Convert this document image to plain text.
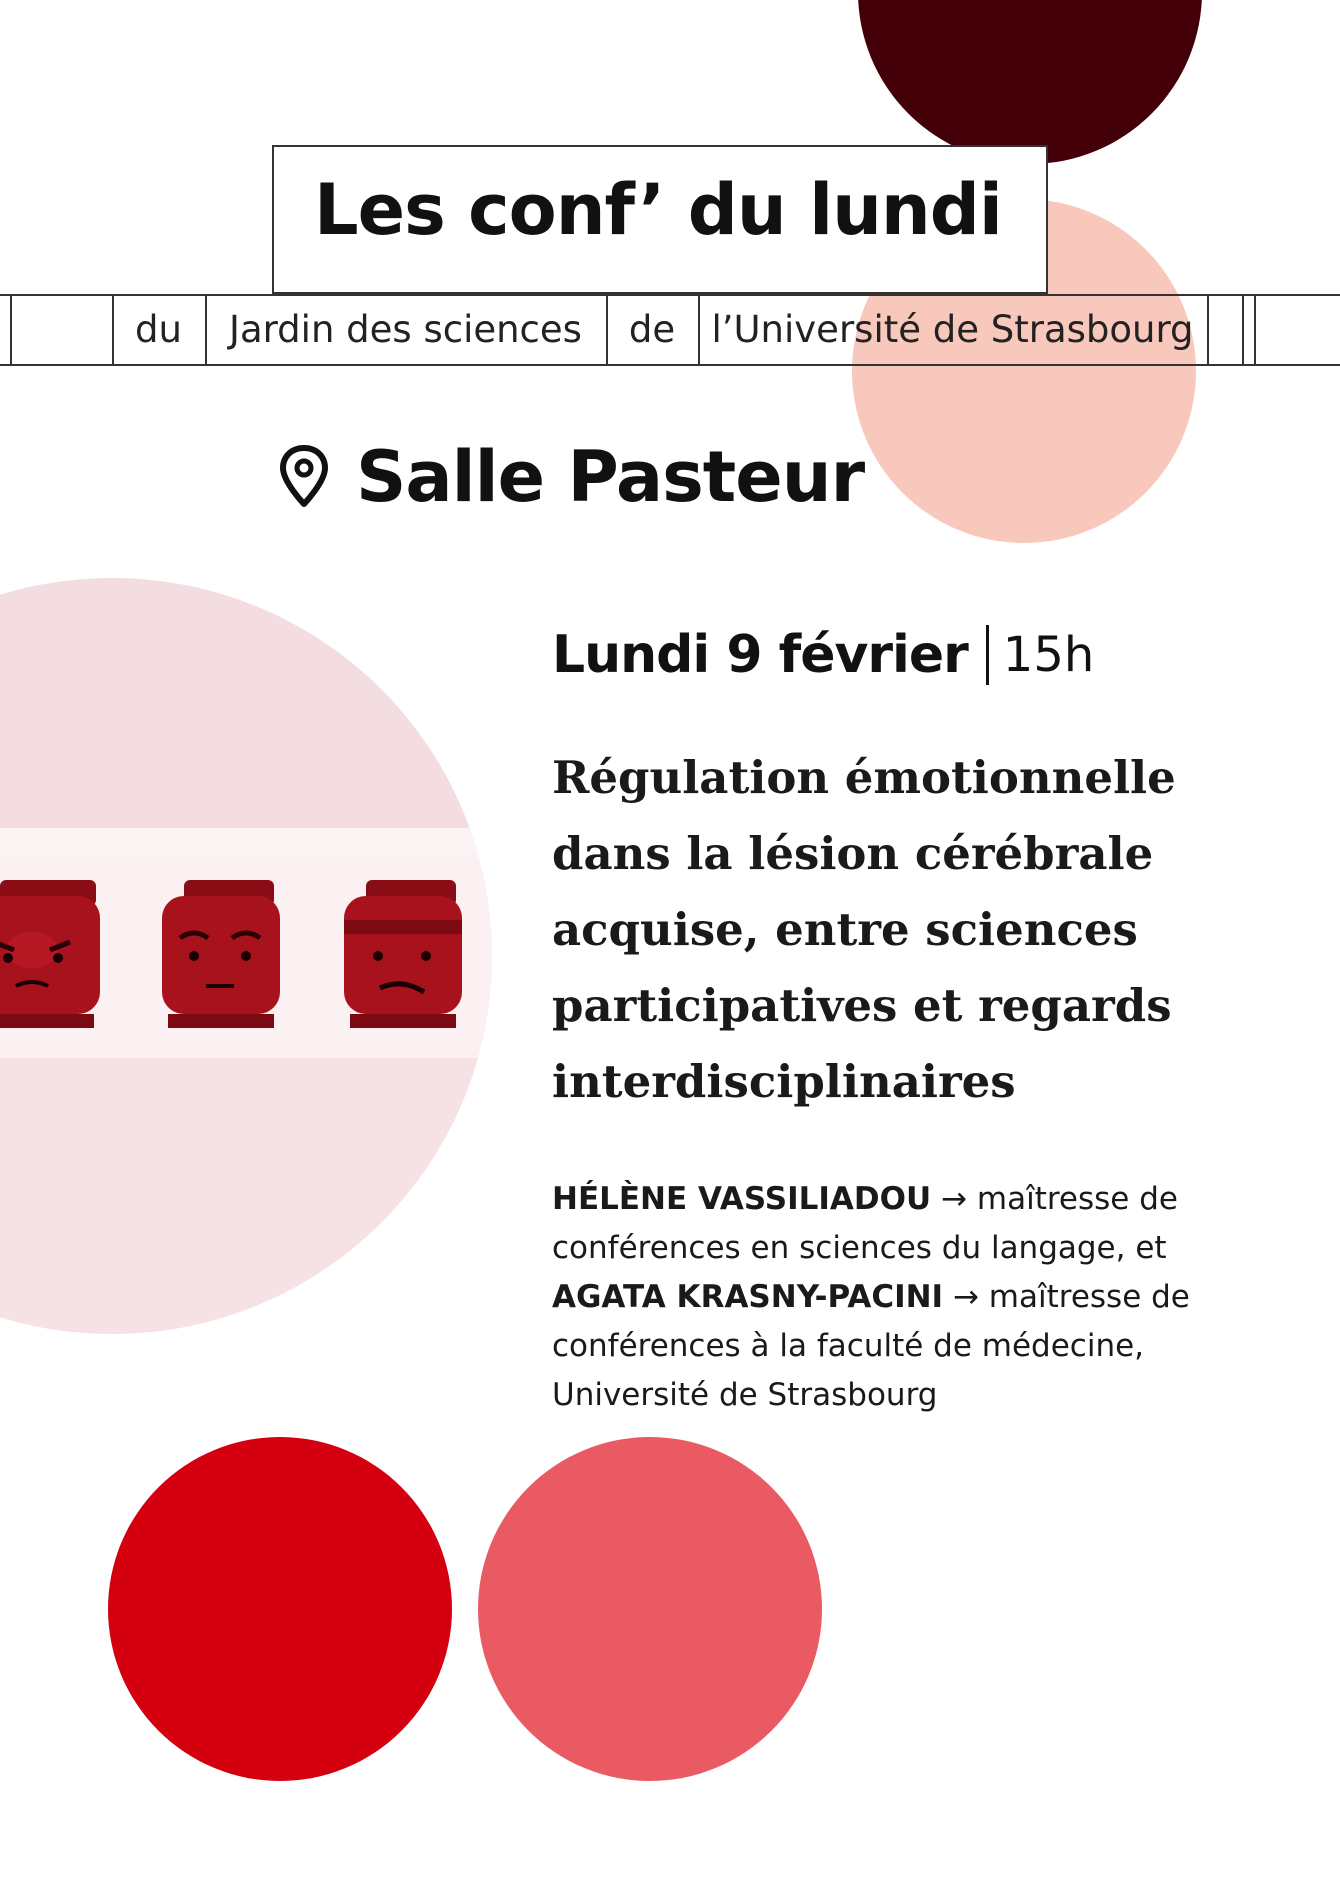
du	Jardin des sciences	de l’Université de Strasbourg
Les conf’ du lundi
Salle Pasteur
Lundi 9 février 15h
Régulation émotionnelle
dans la lésion cérébrale
acquise, entre sciences
participatives et regards
interdisciplinaires
HÉLÈNE VASSILIADOU → maîtresse de conférences en sciences du langage, et
AGATA KRASNY-PACINI → maîtresse de conférences à la faculté de médecine, Université de Strasbourg
